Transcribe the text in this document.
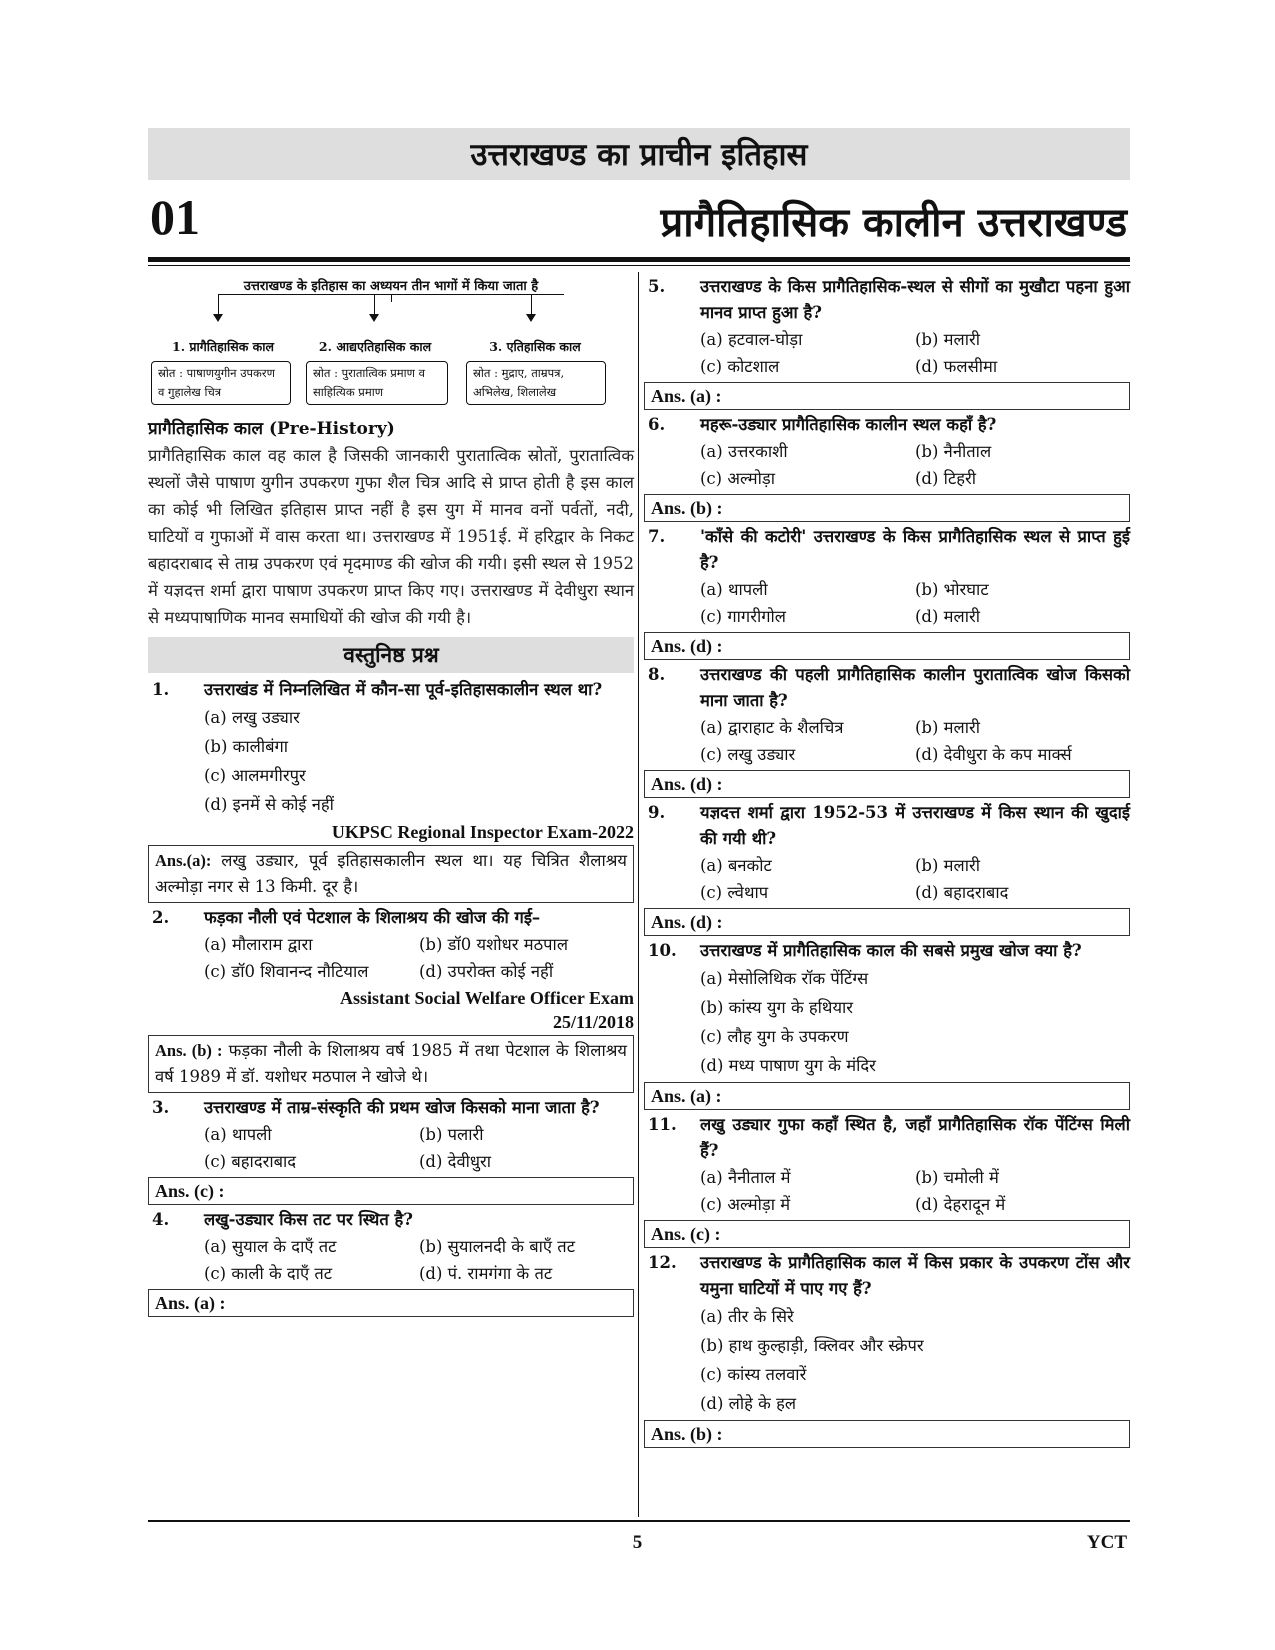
उत्तराखण्ड का प्राचीन इतिहास
01	प्रागैतिहासिक कालीन उत्तराखण्ड
उत्तराखण्ड के इतिहास का अध्ययन तीन भागों में किया जाता है
1. प्रागैतिहासिक काल	2. आद्यएतिहासिक काल	3. एतिहासिक काल
स्रोत : पाषाणयुगीन उपकरण व गुहालेख चित्र
स्रोत : पुरातात्विक प्रमाण व साहित्यिक प्रमाण
स्रोत : मुद्राए, ताम्रपत्र, अभिलेख, शिलालेख
प्रागैतिहासिक काल (Pre-History)
प्रागैतिहासिक काल वह काल है जिसकी जानकारी पुरातात्विक स्रोतों, पुरातात्विक स्थलों जैसे पाषाण युगीन उपकरण गुफा शैल चित्र आदि से प्राप्त होती है इस काल का कोई भी लिखित इतिहास प्राप्त नहीं है इस युग में मानव वनों पर्वतों, नदी, घाटियों व गुफाओं में वास करता था। उत्तराखण्ड में 1951ई. में हरिद्वार के निकट बहादराबाद से ताम्र उपकरण एवं मृदमाण्ड की खोज की गयी। इसी स्थल से 1952 में यज्ञदत्त शर्मा द्वारा पाषाण उपकरण प्राप्त किए गए। उत्तराखण्ड में देवीधुरा स्थान से मध्यपाषाणिक मानव समाधियों की खोज की गयी है।
वस्तुनिष्ठ प्रश्न
1.	उत्तराखंड में निम्नलिखित में कौन-सा पूर्व-इतिहासकालीन स्थल था?
(a) लखु उड्यार
(b) कालीबंगा
(c) आलमगीरपुर
(d) इनमें से कोई नहीं
UKPSC Regional Inspector Exam-2022
Ans.(a): लखु उड्यार, पूर्व इतिहासकालीन स्थल था। यह चित्रित शैलाश्रय अल्मोड़ा नगर से 13 किमी. दूर है।
2.	फड़का नौली एवं पेटशाल के शिलाश्रय की खोज की गई–
(a) मौलाराम द्वारा	(b) डॉ0 यशोधर मठपाल
(c) डॉ0 शिवानन्द नौटियाल	(d) उपरोक्त कोई नहीं
Assistant Social Welfare Officer Exam
25/11/2018
Ans. (b) : फड़का नौली के शिलाश्रय वर्ष 1985 में तथा पेटशाल के शिलाश्रय वर्ष 1989 में डॉ. यशोधर मठपाल ने खोजे थे।
3.	उत्तराखण्ड में ताम्र-संस्कृति की प्रथम खोज किसको माना जाता है?
(a) थापली	(b) पलारी
(c) बहादराबाद	(d) देवीधुरा
Ans. (c) :
4.	लखु-उड्यार किस तट पर स्थित है?
(a) सुयाल के दाएँ तट	(b) सुयालनदी के बाएँ तट
(c) काली के दाएँ तट	(d) पं. रामगंगा के तट
Ans. (a) :
5.	उत्तराखण्ड के किस प्रागैतिहासिक-स्थल से सीगों का मुखौटा पहना हुआ मानव प्राप्त हुआ है?
(a) हटवाल-घोड़ा	(b) मलारी
(c) कोटशाल	(d) फलसीमा
Ans. (a) :
6.	महरू-उड्यार प्रागैतिहासिक कालीन स्थल कहाँ है?
(a) उत्तरकाशी	(b) नैनीताल
(c) अल्मोड़ा	(d) टिहरी
Ans. (b) :
7.	'काँसे की कटोरी' उत्तराखण्ड के किस प्रागैतिहासिक स्थल से प्राप्त हुई है?
(a) थापली	(b) भोरघाट
(c) गागरीगोल	(d) मलारी
Ans. (d) :
8.	उत्तराखण्ड की पहली प्रागैतिहासिक कालीन पुरातात्विक खोज किसको माना जाता है?
(a) द्वाराहाट के शैलचित्र	(b) मलारी
(c) लखु उड्यार	(d) देवीधुरा के कप मार्क्स
Ans. (d) :
9.	यज्ञदत्त शर्मा द्वारा 1952-53 में उत्तराखण्ड में किस स्थान की खुदाई की गयी थी?
(a) बनकोट	(b) मलारी
(c) ल्वेथाप	(d) बहादराबाद
Ans. (d) :
10.	उत्तराखण्ड में प्रागैतिहासिक काल की सबसे प्रमुख खोज क्या है?
(a) मेसोलिथिक रॉक पेंटिंग्स
(b) कांस्य युग के हथियार
(c) लौह युग के उपकरण
(d) मध्य पाषाण युग के मंदिर
Ans. (a) :
11.	लखु उड्यार गुफा कहाँ स्थित है, जहाँ प्रागैतिहासिक रॉक पेंटिंग्स मिली हैं?
(a) नैनीताल में	(b) चमोली में
(c) अल्मोड़ा में	(d) देहरादून में
Ans. (c) :
12.	उत्तराखण्ड के प्रागैतिहासिक काल में किस प्रकार के उपकरण टोंस और यमुना घाटियों में पाए गए हैं?
(a) तीर के सिरे
(b) हाथ कुल्हाड़ी, क्लिवर और स्क्रेपर
(c) कांस्य तलवारें
(d) लोहे के हल
Ans. (b) :
5	YCT
